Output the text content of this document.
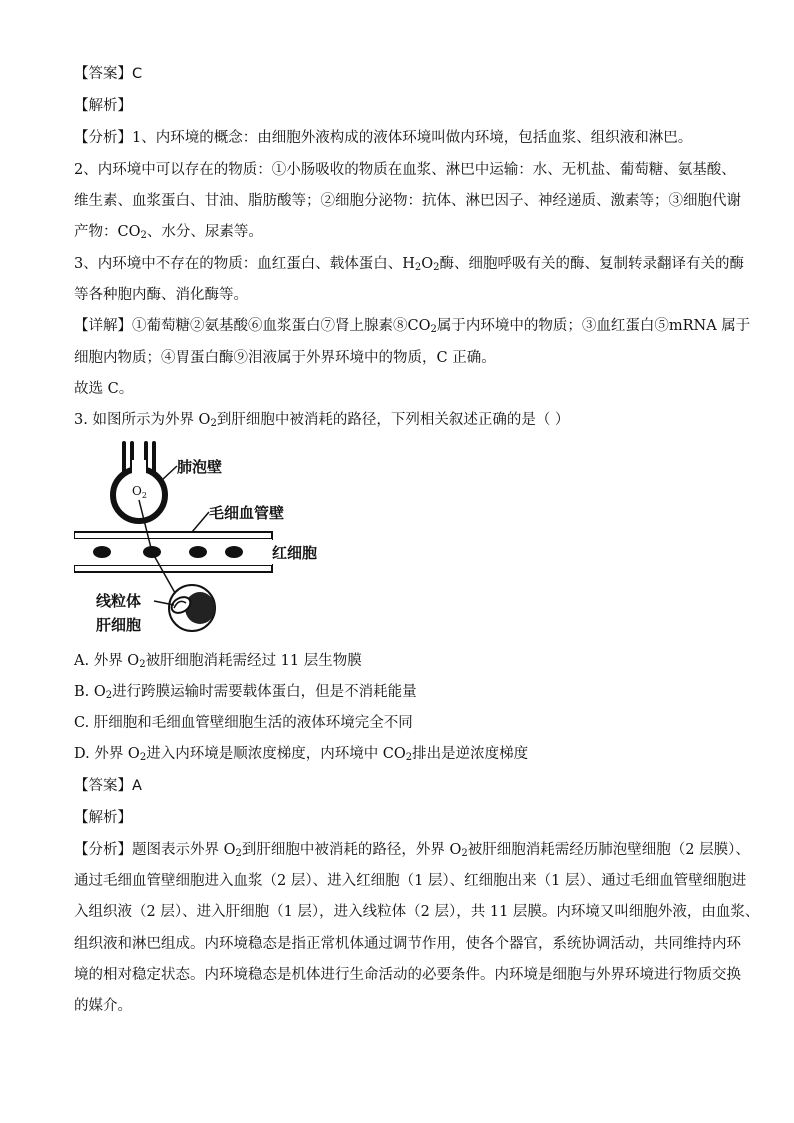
【答案】C
【解析】
【分析】1、内环境的概念：由细胞外液构成的液体环境叫做内环境，包括血浆、组织液和淋巴。
2、内环境中可以存在的物质：①小肠吸收的物质在血浆、淋巴中运输：水、无机盐、葡萄糖、氨基酸、
维生素、血浆蛋白、甘油、脂肪酸等；②细胞分泌物：抗体、淋巴因子、神经递质、激素等；③细胞代谢
产物：$CO_2$、水分、尿素等。
3、内环境中不存在的物质：血红蛋白、载体蛋白、$H_2O_2$酶、细胞呼吸有关的酶、复制转录翻译有关的酶
等各种胞内酶、消化酶等。
【详解】①葡萄糖②氨基酸⑥血浆蛋白⑦肾上腺素$⑧CO_2$属于内环境中的物质；③血红蛋白⑤mRNA 属于
细胞内物质；④胃蛋白酶⑨泪液属于外界环境中的物质，C 正确。
故选 C。
3. 如图所示为外界 $O_2$到肝细胞中被消耗的路径，下列相关叙述正确的是（ ）
肺泡壁
$O_2$
毛细血管壁
红细胞
线粒体
肝细胞
A. 外界 $O_2$被肝细胞消耗需经过 11 层生物膜
B. $O_2$进行跨膜运输时需要载体蛋白，但是不消耗能量
C. 肝细胞和毛细血管壁细胞生活的液体环境完全不同
D. 外界 $O_2$进入内环境是顺浓度梯度，内环境中 $CO_2$排出是逆浓度梯度
【答案】A
【解析】
【分析】题图表示外界 $O_2$到肝细胞中被消耗的路径，外界 $O_2$被肝细胞消耗需经历肺泡壁细胞（2 层膜）、
通过毛细血管壁细胞进入血浆（2 层）、进入红细胞（1 层）、红细胞出来（1 层）、通过毛细血管壁细胞进
入组织液（2 层）、进入肝细胞（1 层），进入线粒体（2 层），共 11 层膜。内环境又叫细胞外液，由血浆、
组织液和淋巴组成。内环境稳态是指正常机体通过调节作用，使各个器官，系统协调活动，共同维持内环
境的相对稳定状态。内环境稳态是机体进行生命活动的必要条件。内环境是细胞与外界环境进行物质交换
的媒介。
